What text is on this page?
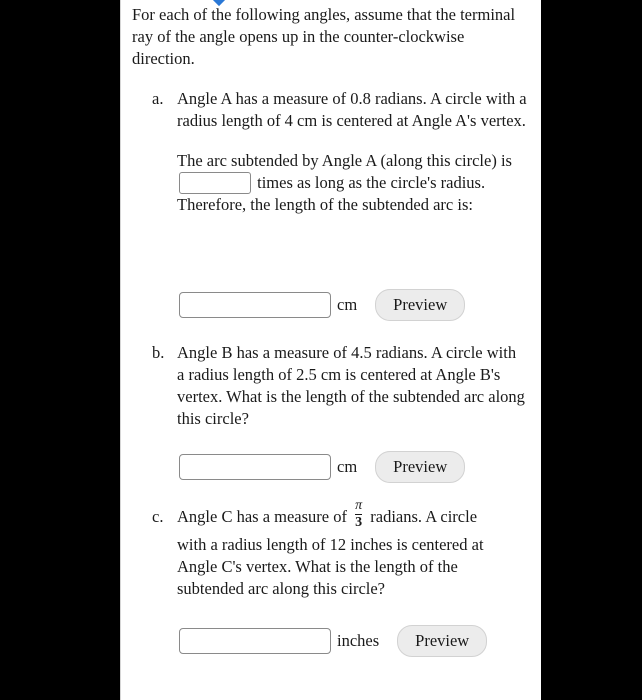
For each of the following angles, assume that the terminal ray of the angle opens up in the counter-clockwise direction.

a. Angle A has a measure of 0.8 radians. A circle with a radius length of 4 cm is centered at Angle A's vertex.

The arc subtended by Angle A (along this circle) is  times as long as the circle's radius. Therefore, the length of the subtended arc is:

cm	Preview
b. Angle B has a measure of 4.5 radians. A circle with a radius length of 2.5 cm is centered at Angle B's vertex. What is the length of the subtended arc along this circle?

cm	Preview
c. Angle C has a measure of $\frac{\pi}{3}$ radians. A circle
with a radius length of 12 inches is centered at Angle C's vertex. What is the length of the subtended arc along this circle?

inches	Preview
